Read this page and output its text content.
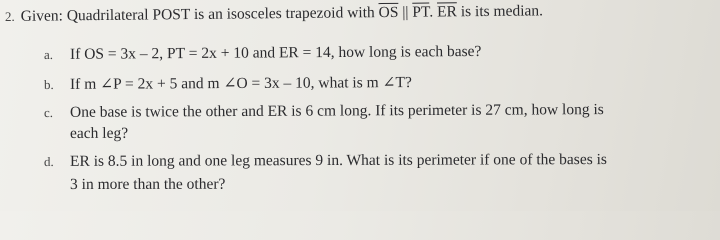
2. Given: Quadrilateral POST is an isosceles trapezoid with $\overline{OS}$ || $\overline{PT}$. $\overline{ER}$ is its median.
a. If OS = 3x – 2, PT = 2x + 10 and ER = 14, how long is each base?
b. If m ∠P = 2x + 5 and m ∠O = 3x – 10, what is m ∠T?
c. One base is twice the other and ER is 6 cm long. If its perimeter is 27 cm, how long is
each leg?
d. ER is 8.5 in long and one leg measures 9 in. What is its perimeter if one of the bases is
3 in more than the other?
